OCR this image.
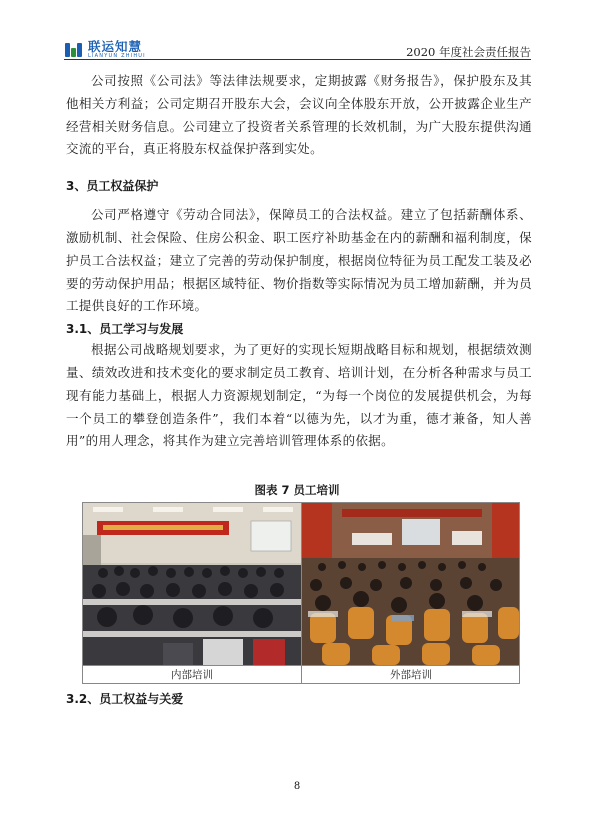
联运知慧
LIANYUN ZHIHUI	2020 年度社会责任报告

公司按照《公司法》等法律法规要求，定期披露《财务报告》，保护股东及其他相关方利益；公司定期召开股东大会，会议向全体股东开放，公开披露企业生产经营相关财务信息。公司建立了投资者关系管理的长效机制，为广大股东提供沟通交流的平台，真正将股东权益保护落到实处。

3、员工权益保护

公司严格遵守《劳动合同法》，保障员工的合法权益。建立了包括薪酬体系、激励机制、社会保险、住房公积金、职工医疗补助基金在内的薪酬和福利制度，保护员工合法权益；建立了完善的劳动保护制度，根据岗位特征为员工配发工装及必要的劳动保护用品；根据区域特征、物价指数等实际情况为员工增加薪酬，并为员工提供良好的工作环境。

3.1、员工学习与发展

根据公司战略规划要求，为了更好的实现长短期战略目标和规划，根据绩效测量、绩效改进和技术变化的要求制定员工教育、培训计划，在分析各种需求与员工现有能力基础上，根据人力资源规划制定，“为每一个岗位的发展提供机会，为每一个员工的攀登创造条件”，我们本着“以德为先，以才为重，德才兼备，知人善用”的用人理念，将其作为建立完善培训管理体系的依据。

图表 7 员工培训
内部培训	外部培训
3.2、员工权益与关爱
8
